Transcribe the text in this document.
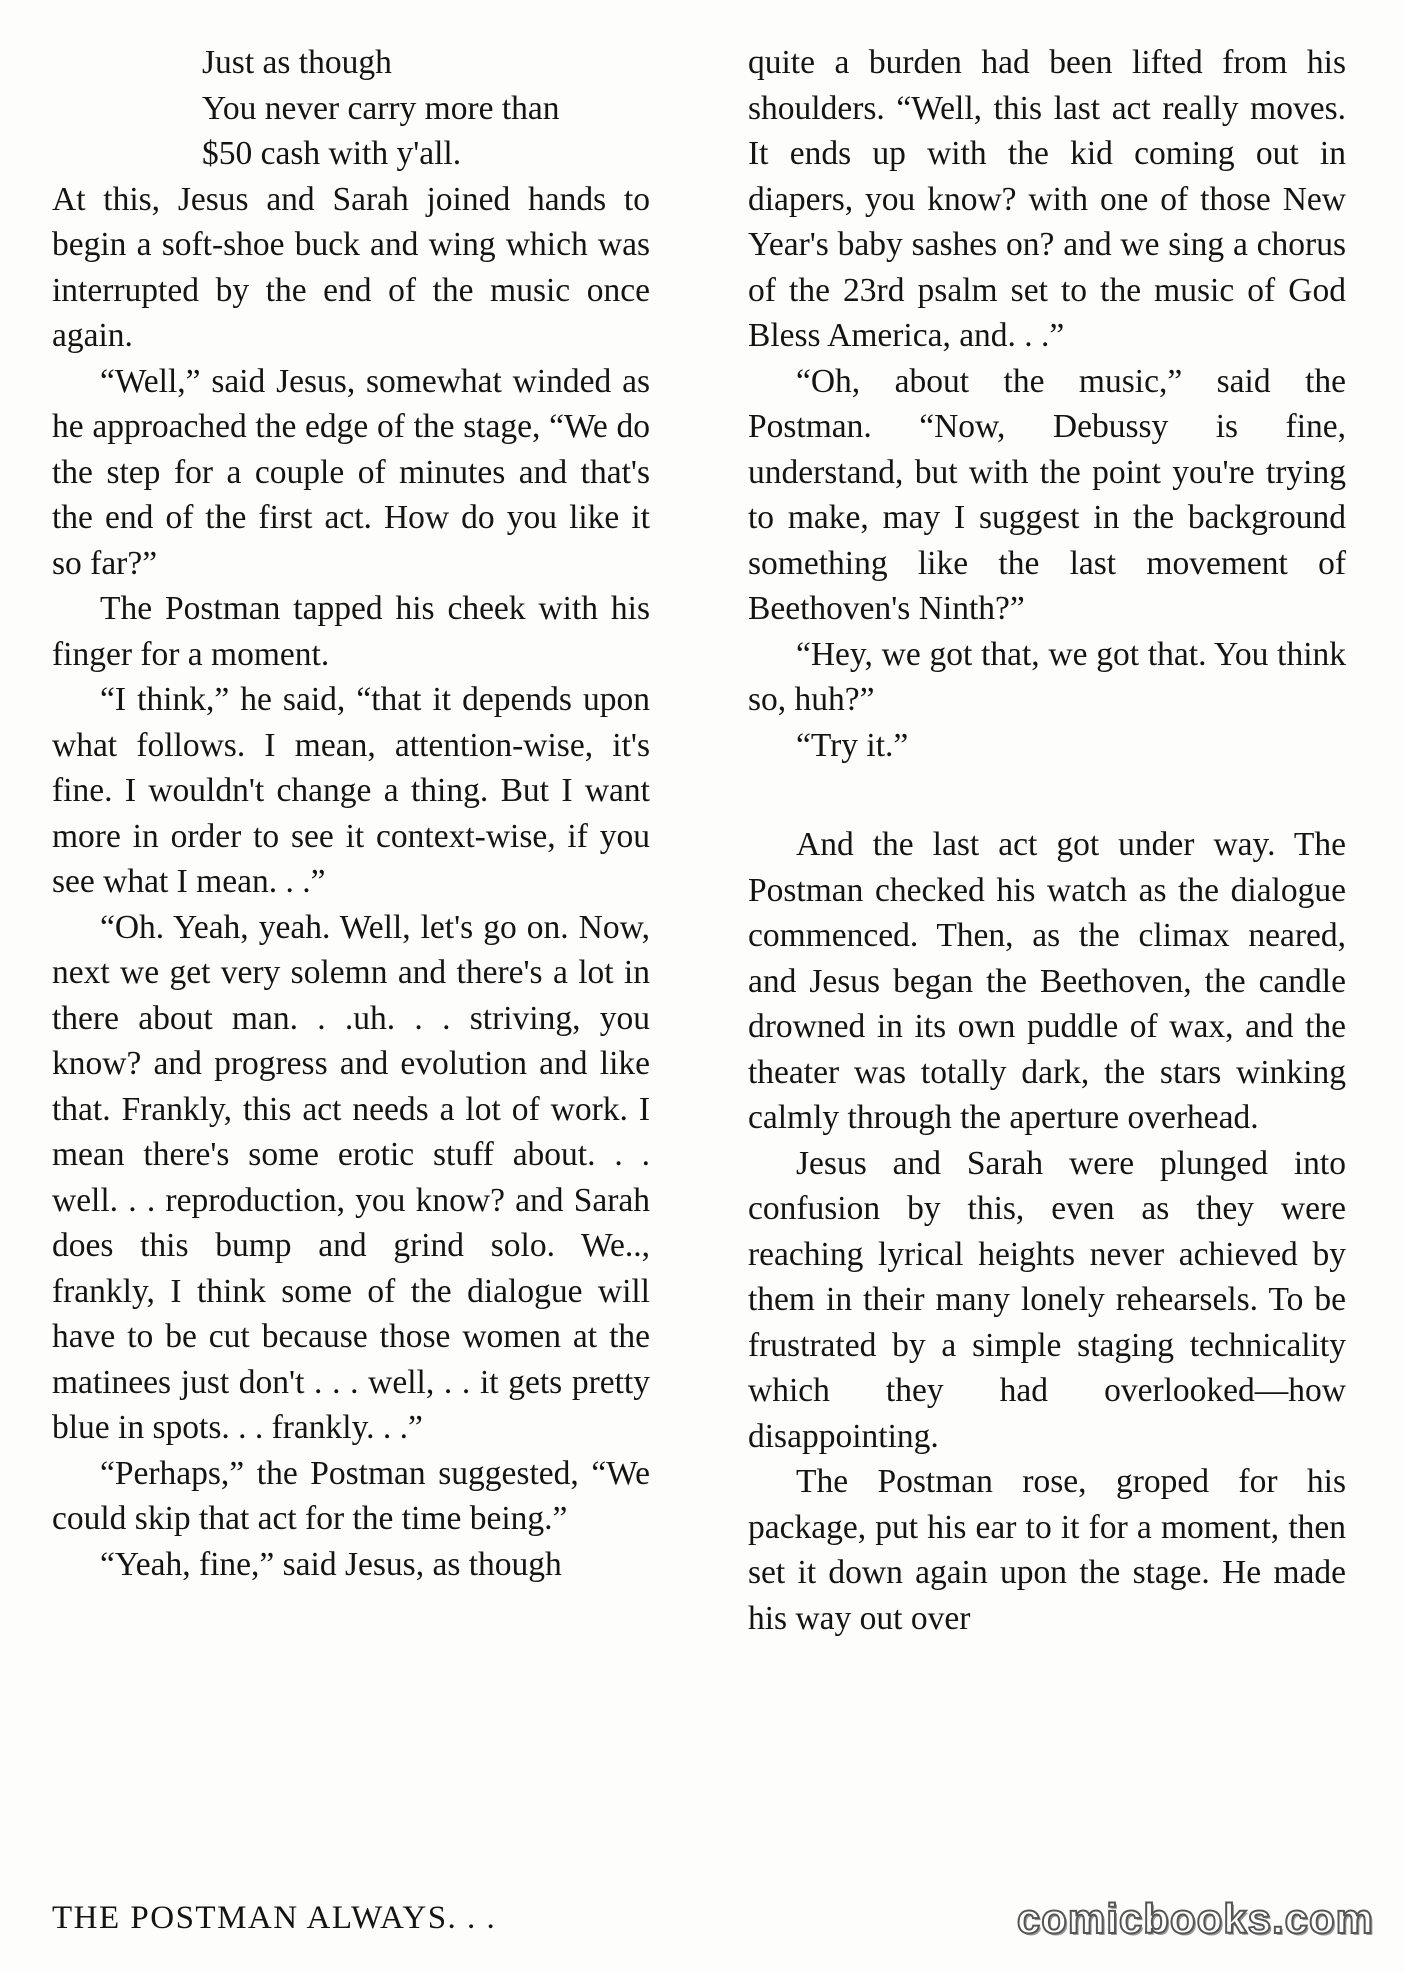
Just as though

You never carry more than

$50 cash with y'all.

At this, Jesus and Sarah joined hands to begin a soft-shoe buck and wing which was interrupted by the end of the music once again.

“Well,” said Jesus, somewhat winded as he approached the edge of the stage, “We do the step for a couple of minutes and that's the end of the first act. How do you like it so far?”

The Postman tapped his cheek with his finger for a moment.

“I think,” he said, “that it depends upon what follows. I mean, attention-wise, it's fine. I wouldn't change a thing. But I want more in order to see it context-wise, if you see what I mean. . .”

“Oh. Yeah, yeah. Well, let's go on. Now, next we get very solemn and there's a lot in there about man. . .uh. . . striving, you know? and progress and evolution and like that. Frankly, this act needs a lot of work. I mean there's some erotic stuff about. . . well. . . reproduction, you know? and Sarah does this bump and grind solo. We.., frankly, I think some of the dialogue will have to be cut because those women at the matinees just don't . . . well, . . it gets pretty blue in spots. . . frankly. . .”

“Perhaps,” the Postman suggested, “We could skip that act for the time being.”

“Yeah, fine,” said Jesus, as though

quite a burden had been lifted from his shoulders. “Well, this last act really moves. It ends up with the kid coming out in diapers, you know? with one of those New Year's baby sashes on? and we sing a chorus of the 23rd psalm set to the music of God Bless America, and. . .”

“Oh, about the music,” said the Postman. “Now, Debussy is fine, understand, but with the point you're trying to make, may I suggest in the background something like the last movement of Beethoven's Ninth?”

“Hey, we got that, we got that. You think so, huh?”

“Try it.”

And the last act got under way. The Postman checked his watch as the dialogue commenced. Then, as the climax neared, and Jesus began the Beethoven, the candle drowned in its own puddle of wax, and the theater was totally dark, the stars winking calmly through the aperture overhead.

Jesus and Sarah were plunged into confusion by this, even as they were reaching lyrical heights never achieved by them in their many lonely rehearsels. To be frustrated by a simple staging technicality which they had overlooked—how disappointing.

The Postman rose, groped for his package, put his ear to it for a moment, then set it down again upon the stage. He made his way out over

THE POSTMAN ALWAYS. . .	comicbooks.com
